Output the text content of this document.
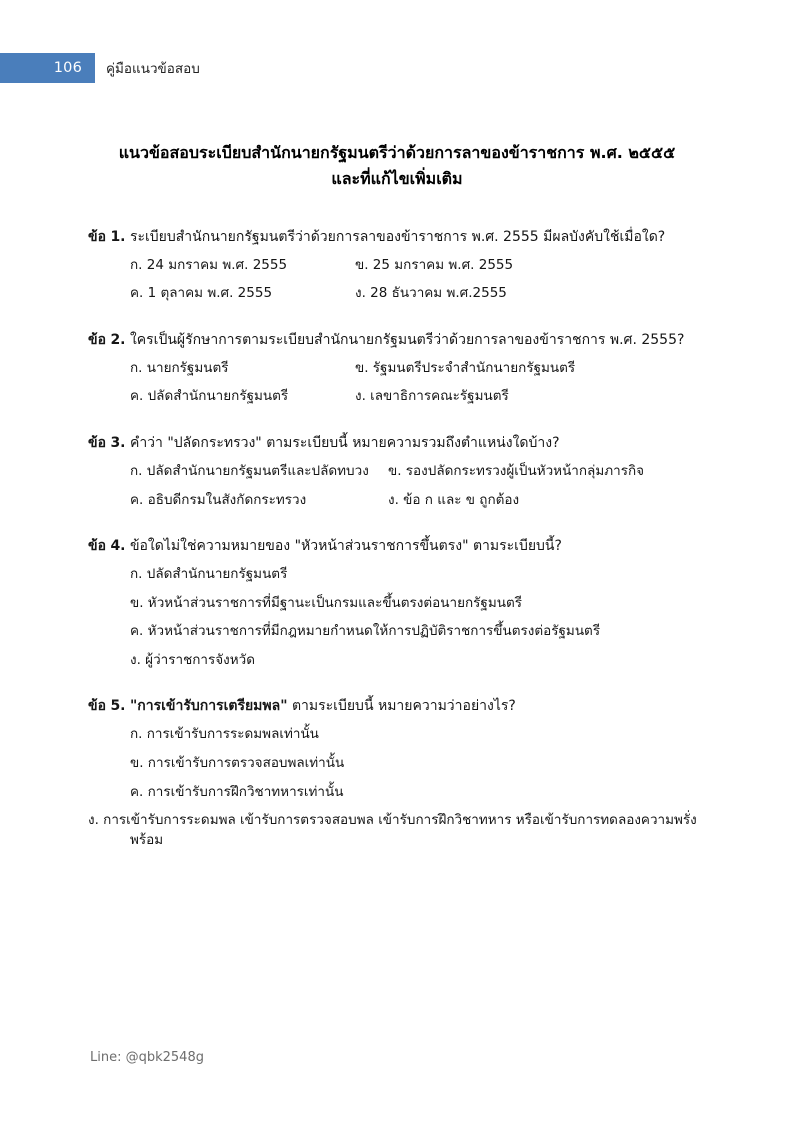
106 คู่มือแนวข้อสอบ
แนวข้อสอบระเบียบสำนักนายกรัฐมนตรีว่าด้วยการลาของข้าราชการ พ.ศ. ๒๕๕๕
และที่แก้ไขเพิ่มเติม

ข้อ 1. ระเบียบสำนักนายกรัฐมนตรีว่าด้วยการลาของข้าราชการ พ.ศ. 2555 มีผลบังคับใช้เมื่อใด?

ก. 24 มกราคม พ.ศ. 2555	ข. 25 มกราคม พ.ศ. 2555
ค. 1 ตุลาคม พ.ศ. 2555	ง. 28 ธันวาคม พ.ศ.2555

ข้อ 2. ใครเป็นผู้รักษาการตามระเบียบสำนักนายกรัฐมนตรีว่าด้วยการลาของข้าราชการ พ.ศ. 2555?

ก. นายกรัฐมนตรี	ข. รัฐมนตรีประจำสำนักนายกรัฐมนตรี
ค. ปลัดสำนักนายกรัฐมนตรี	ง. เลขาธิการคณะรัฐมนตรี

ข้อ 3. คำว่า "ปลัดกระทรวง" ตามระเบียบนี้ หมายความรวมถึงตำแหน่งใดบ้าง?

ก. ปลัดสำนักนายกรัฐมนตรีและปลัดทบวง	ข. รองปลัดกระทรวงผู้เป็นหัวหน้ากลุ่มภารกิจ
ค. อธิบดีกรมในสังกัดกระทรวง	ง. ข้อ ก และ ข ถูกต้อง

ข้อ 4. ข้อใดไม่ใช่ความหมายของ "หัวหน้าส่วนราชการขึ้นตรง" ตามระเบียบนี้?

ก. ปลัดสำนักนายกรัฐมนตรี
ข. หัวหน้าส่วนราชการที่มีฐานะเป็นกรมและขึ้นตรงต่อนายกรัฐมนตรี
ค. หัวหน้าส่วนราชการที่มีกฎหมายกำหนดให้การปฏิบัติราชการขึ้นตรงต่อรัฐมนตรี
ง. ผู้ว่าราชการจังหวัด

ข้อ 5. "การเข้ารับการเตรียมพล" ตามระเบียบนี้ หมายความว่าอย่างไร?

ก. การเข้ารับการระดมพลเท่านั้น
ข. การเข้ารับการตรวจสอบพลเท่านั้น
ค. การเข้ารับการฝึกวิชาทหารเท่านั้น
ง. การเข้ารับการระดมพล เข้ารับการตรวจสอบพล เข้ารับการฝึกวิชาทหาร หรือเข้ารับการทดลองความพรั่งพร้อม
Line: @qbk2548g
